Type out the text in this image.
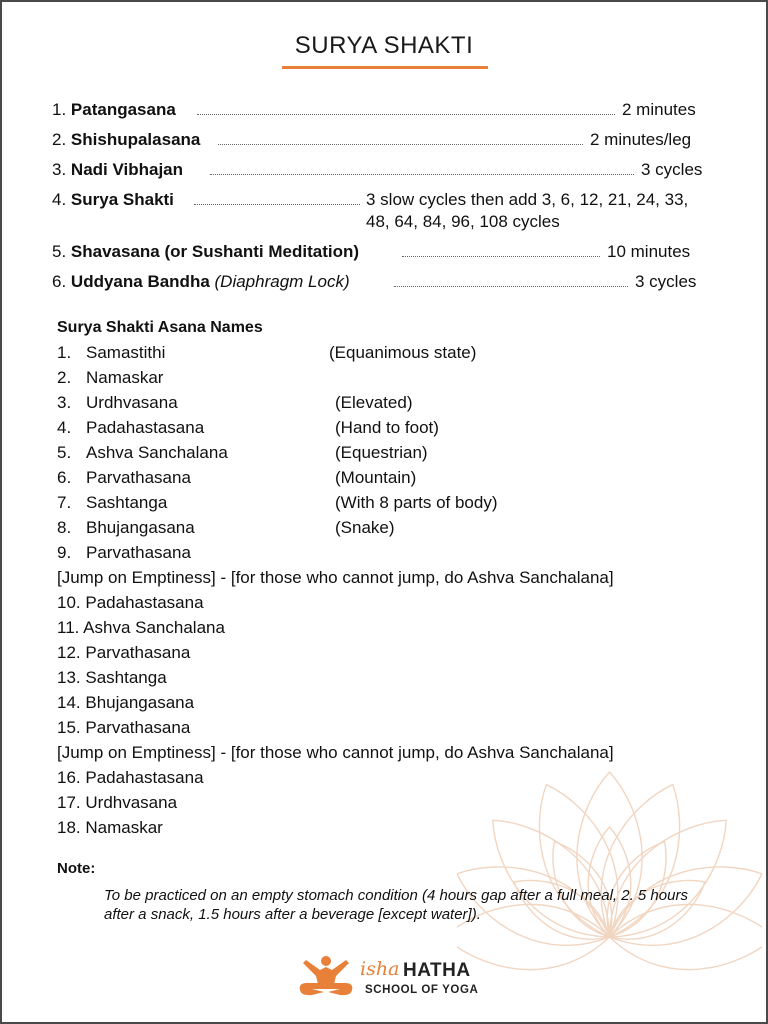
SURYA SHAKTI
1. Patangasana	2 minutes
2. Shishupalasana	2 minutes/leg
3. Nadi Vibhajan	3 cycles
4. Surya Shakti	3 slow cycles then add 3, 6, 12, 21, 24, 33,
48, 64, 84, 96, 108 cycles
5. Shavasana (or Sushanti Meditation)	10 minutes
6. Uddyana Bandha (Diaphragm Lock)	3 cycles
Surya Shakti Asana Names
1. Samastithi	(Equanimous state)
2. Namaskar
3. Urdhvasana	(Elevated)
4. Padahastasana	(Hand to foot)
5. Ashva Sanchalana	(Equestrian)
6. Parvathasana	(Mountain)
7. Sashtanga	(With 8 parts of body)
8. Bhujangasana	(Snake)
9. Parvathasana
[Jump on Emptiness] - [for those who cannot jump, do Ashva Sanchalana]
10. Padahastasana
11. Ashva Sanchalana
12. Parvathasana
13. Sashtanga
14. Bhujangasana
15. Parvathasana
[Jump on Emptiness] - [for those who cannot jump, do Ashva Sanchalana]
16. Padahastasana
17. Urdhvasana
18. Namaskar
Note:
To be practiced on an empty stomach condition (4 hours gap after a full meal, 2. 5 hours after a snack, 1.5 hours after a beverage [except water]).
isha HATHA
SCHOOL OF YOGA
